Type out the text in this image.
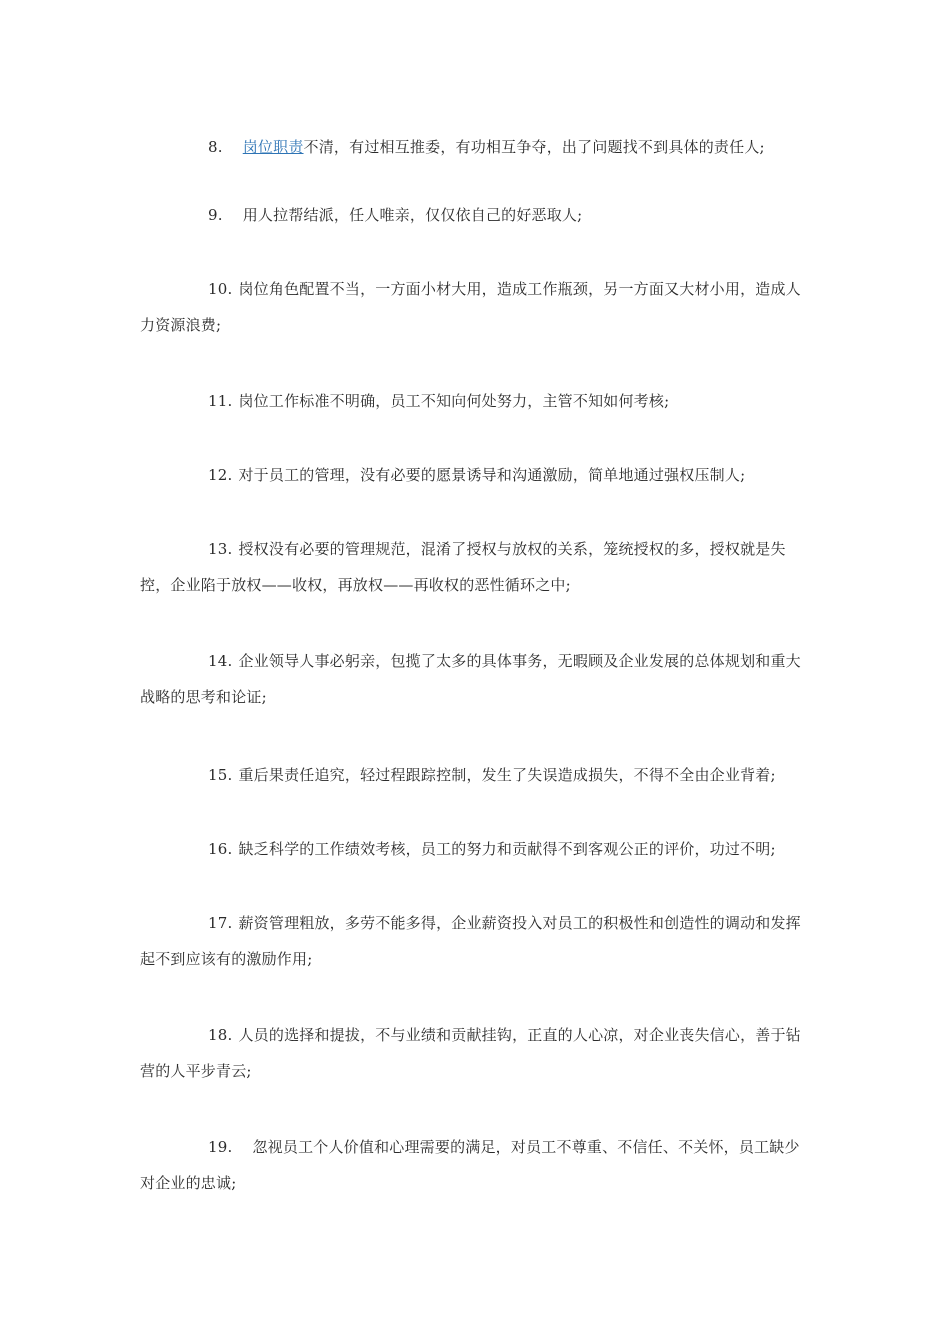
8. 岗位职责不清，有过相互推委，有功相互争夺，出了问题找不到具体的责任人;

9. 用人拉帮结派，任人唯亲，仅仅依自己的好恶取人;

10. 岗位角色配置不当，一方面小材大用，造成工作瓶颈，另一方面又大材小用，造成人力资源浪费;

11. 岗位工作标准不明确，员工不知向何处努力，主管不知如何考核;

12. 对于员工的管理，没有必要的愿景诱导和沟通激励，简单地通过强权压制人;

13. 授权没有必要的管理规范，混淆了授权与放权的关系，笼统授权的多，授权就是失控，企业陷于放权——收权，再放权——再收权的恶性循环之中;

14. 企业领导人事必躬亲，包揽了太多的具体事务，无暇顾及企业发展的总体规划和重大战略的思考和论证;

15. 重后果责任追究，轻过程跟踪控制，发生了失误造成损失，不得不全由企业背着;

16. 缺乏科学的工作绩效考核，员工的努力和贡献得不到客观公正的评价，功过不明;

17. 薪资管理粗放，多劳不能多得，企业薪资投入对员工的积极性和创造性的调动和发挥起不到应该有的激励作用;

18. 人员的选择和提拔，不与业绩和贡献挂钩，正直的人心凉，对企业丧失信心，善于钻营的人平步青云;

19. 忽视员工个人价值和心理需要的满足，对员工不尊重、不信任、不关怀，员工缺少对企业的忠诚;
